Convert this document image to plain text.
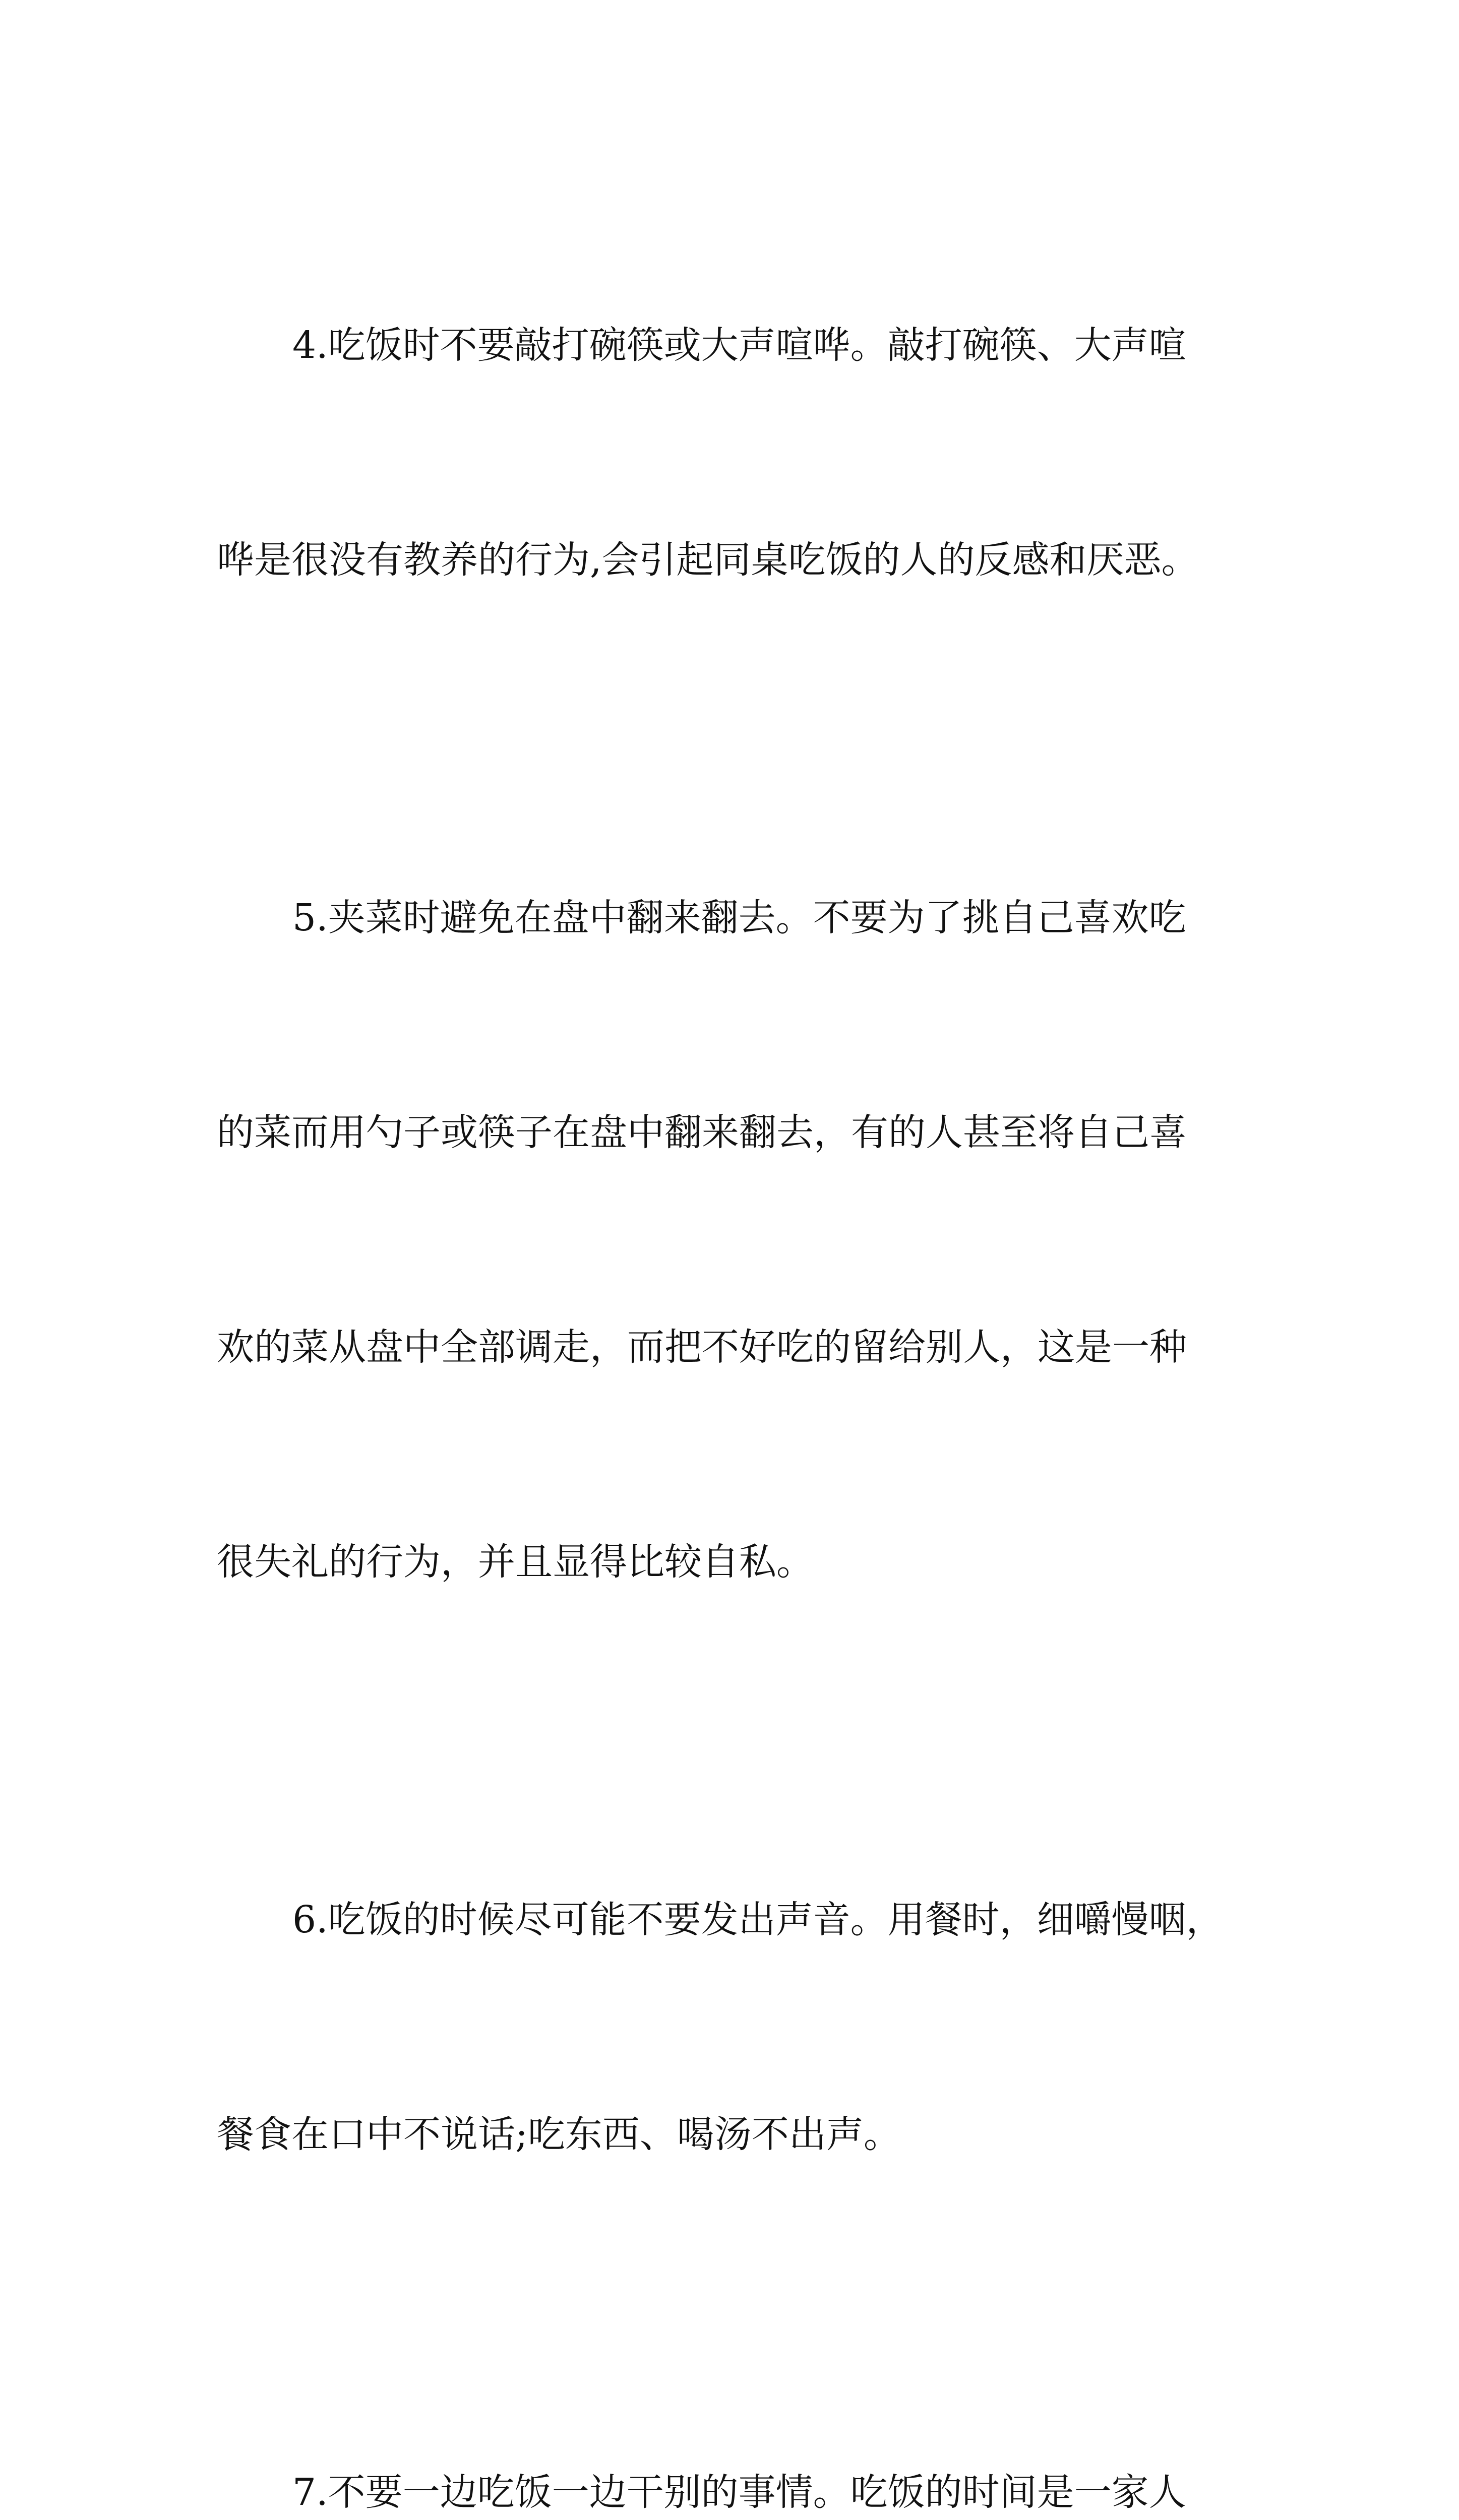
4.吃饭时不要敲打碗筷或大声喧哗。敲打碗筷、大声喧

哗是很没有教养的行为,会引起同桌吃饭的人的反感和厌恶。

5.夹菜时避免在盘中翻来翻去。不要为了挑自己喜欢吃

的菜而用勺子或筷子在盘中翻来翻去，有的人甚至将自己喜

欢的菜从盘中全部调走，而把不好吃的留给别人，这是一种

很失礼的行为，并且显得比较自私。

6.吃饭的时候尽可能不要发出声音。用餐时，细嚼慢咽，

餐食在口中不说话;吃东西、喝汤不出声。

7.不要一边吃饭一边干别的事情。吃饭的时间是一家人
